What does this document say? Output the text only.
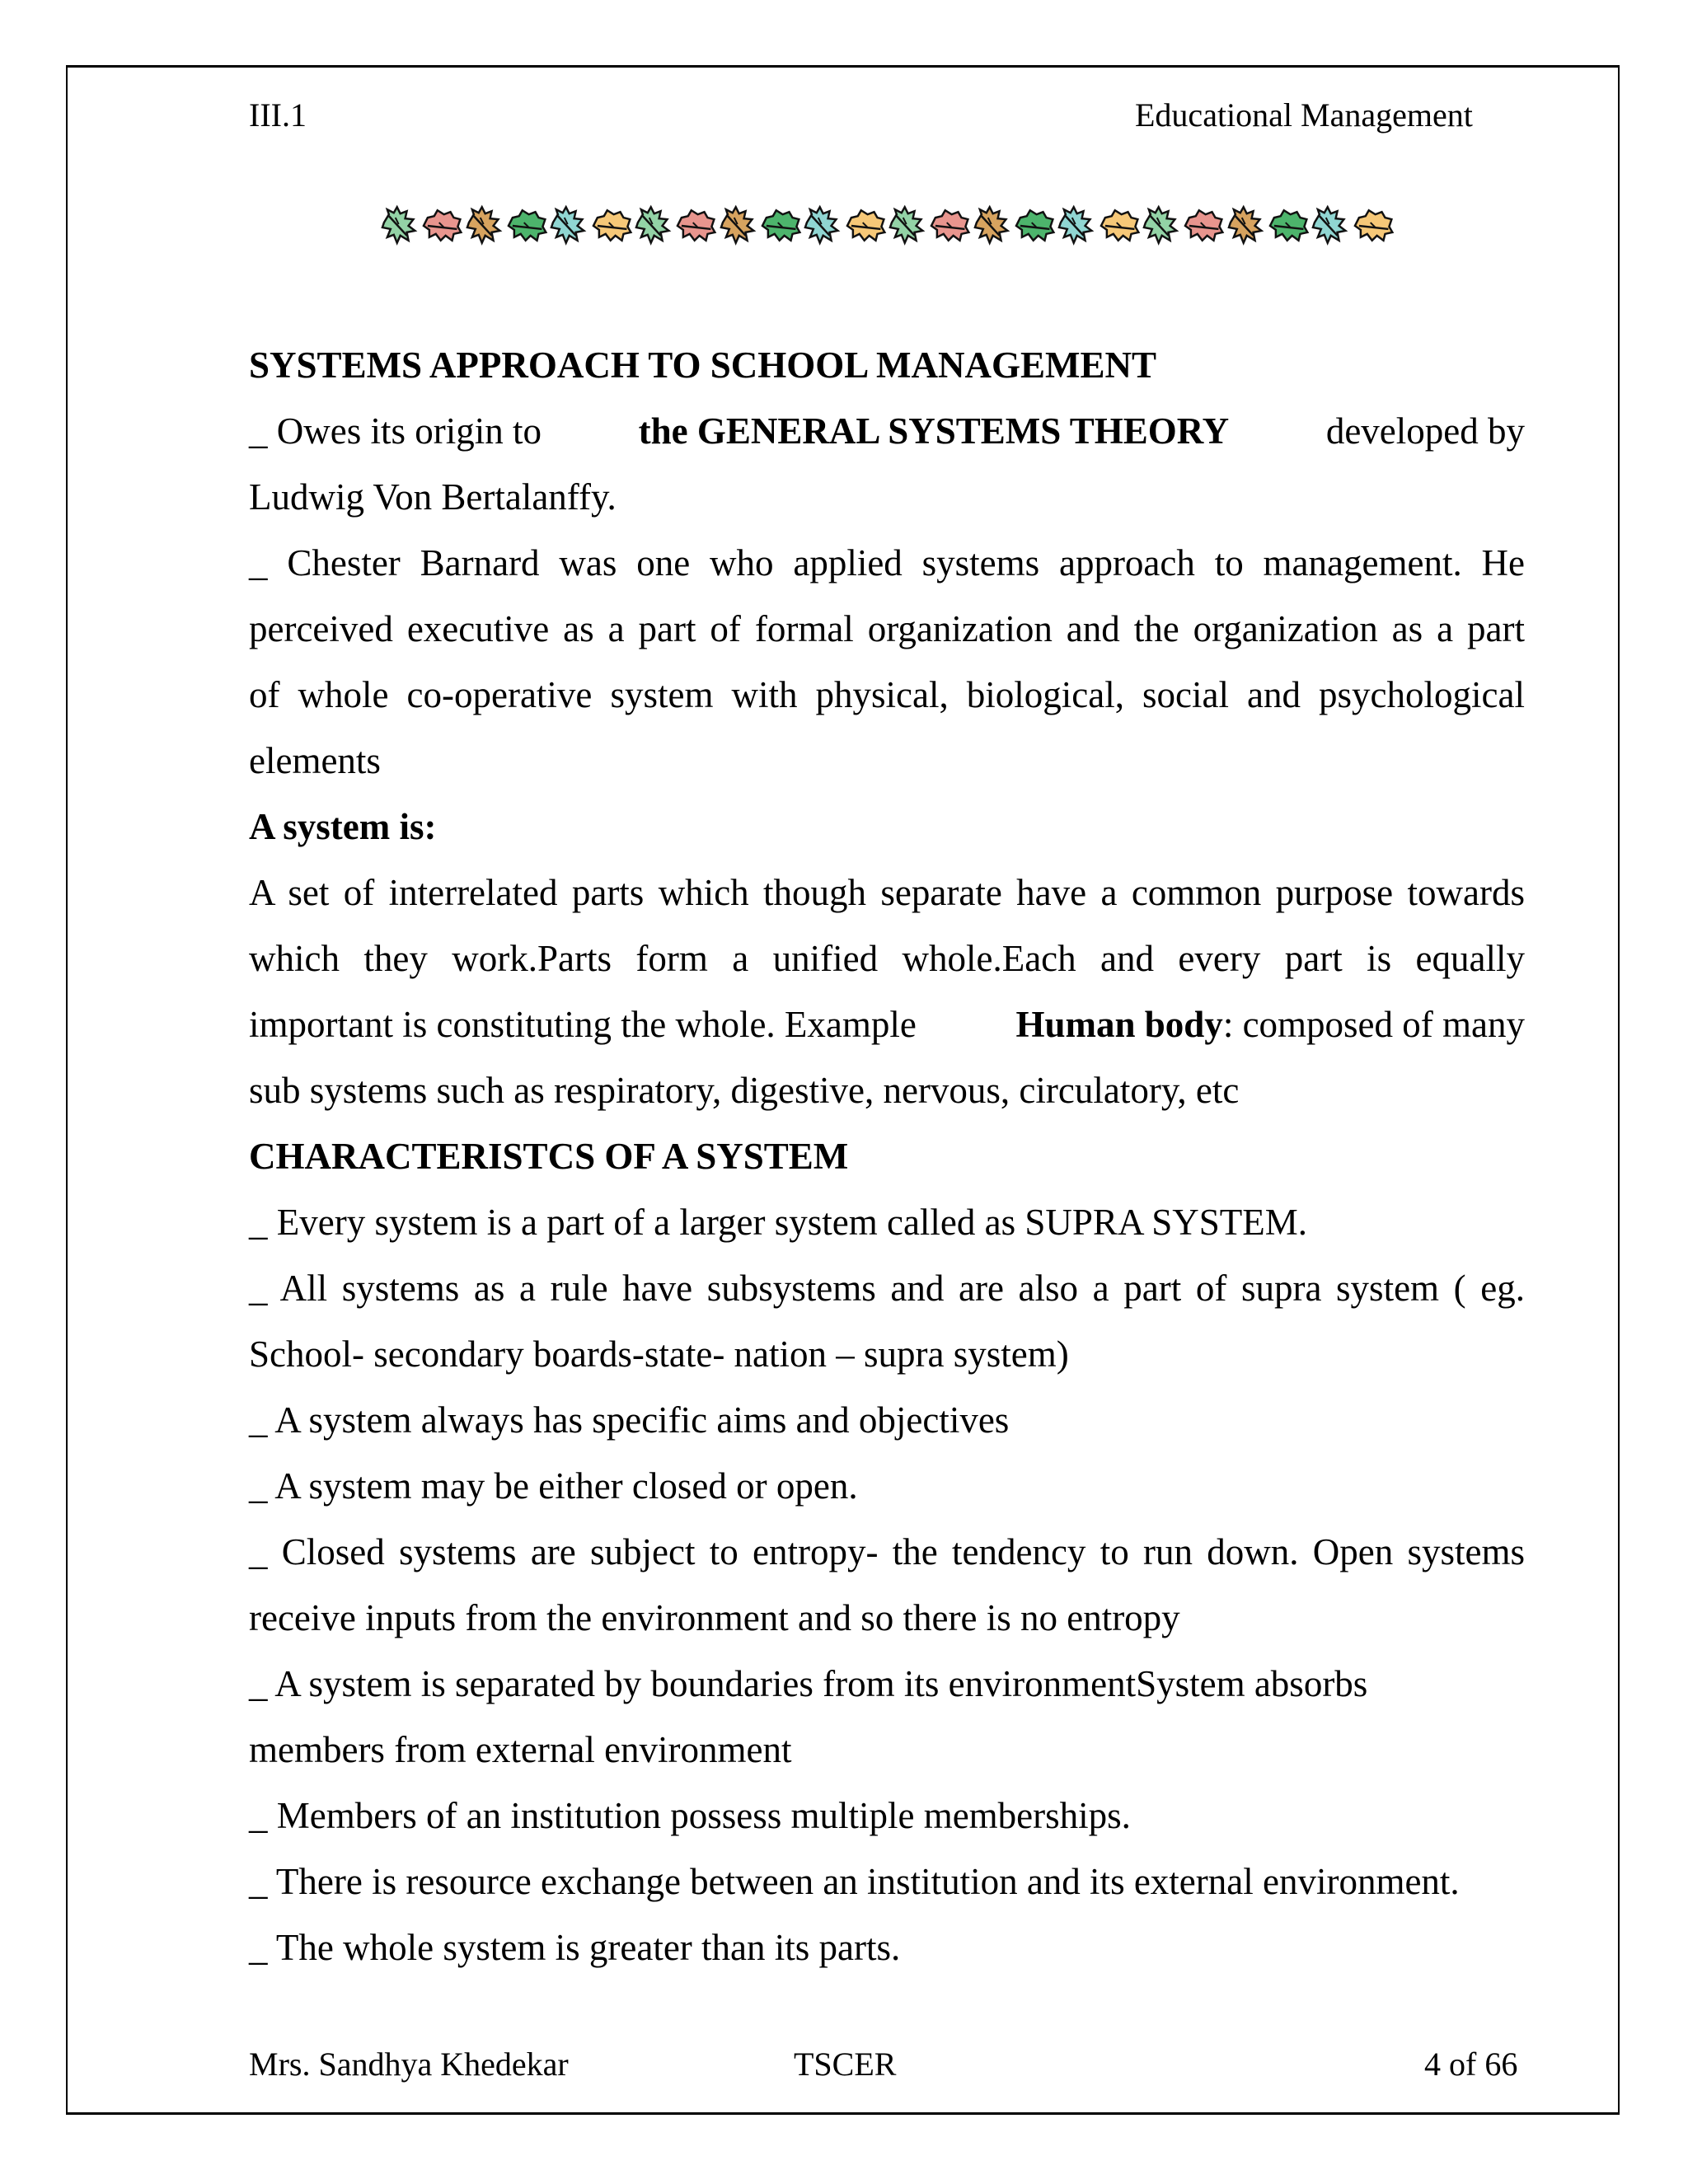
III.1	Educational Management
SYSTEMS APPROACH TO SCHOOL MANAGEMENT
_ Owes its origin to	the GENERAL SYSTEMS THEORY	developed by
Ludwig Von Bertalanffy.
_ Chester Barnard was one who applied systems approach to management. He
perceived executive as a part of formal organization and the organization as a part
of whole co-operative system with physical, biological, social and psychological
elements
A system is:
A set of interrelated parts which though separate have a common purpose towards
which they work.Parts form a unified whole.Each and every part is equally
important is constituting the whole. Example	Human body: composed of many
sub systems such as respiratory, digestive, nervous, circulatory, etc
CHARACTERISTCS OF A SYSTEM
_ Every system is a part of a larger system called as SUPRA SYSTEM.
_ All systems as a rule have subsystems and are also a part of supra system ( eg.
School- secondary boards-state- nation – supra system)
_ A system always has specific aims and objectives
_ A system may be either closed or open.
_ Closed systems are subject to entropy- the tendency to run down. Open systems
receive inputs from the environment and so there is no entropy
_ A system is separated by boundaries from its environmentSystem absorbs
members from external environment
_ Members of an institution possess multiple memberships.
_ There is resource exchange between an institution and its external environment.
_ The whole system is greater than its parts.
Mrs. Sandhya Khedekar	TSCER	4 of 66
